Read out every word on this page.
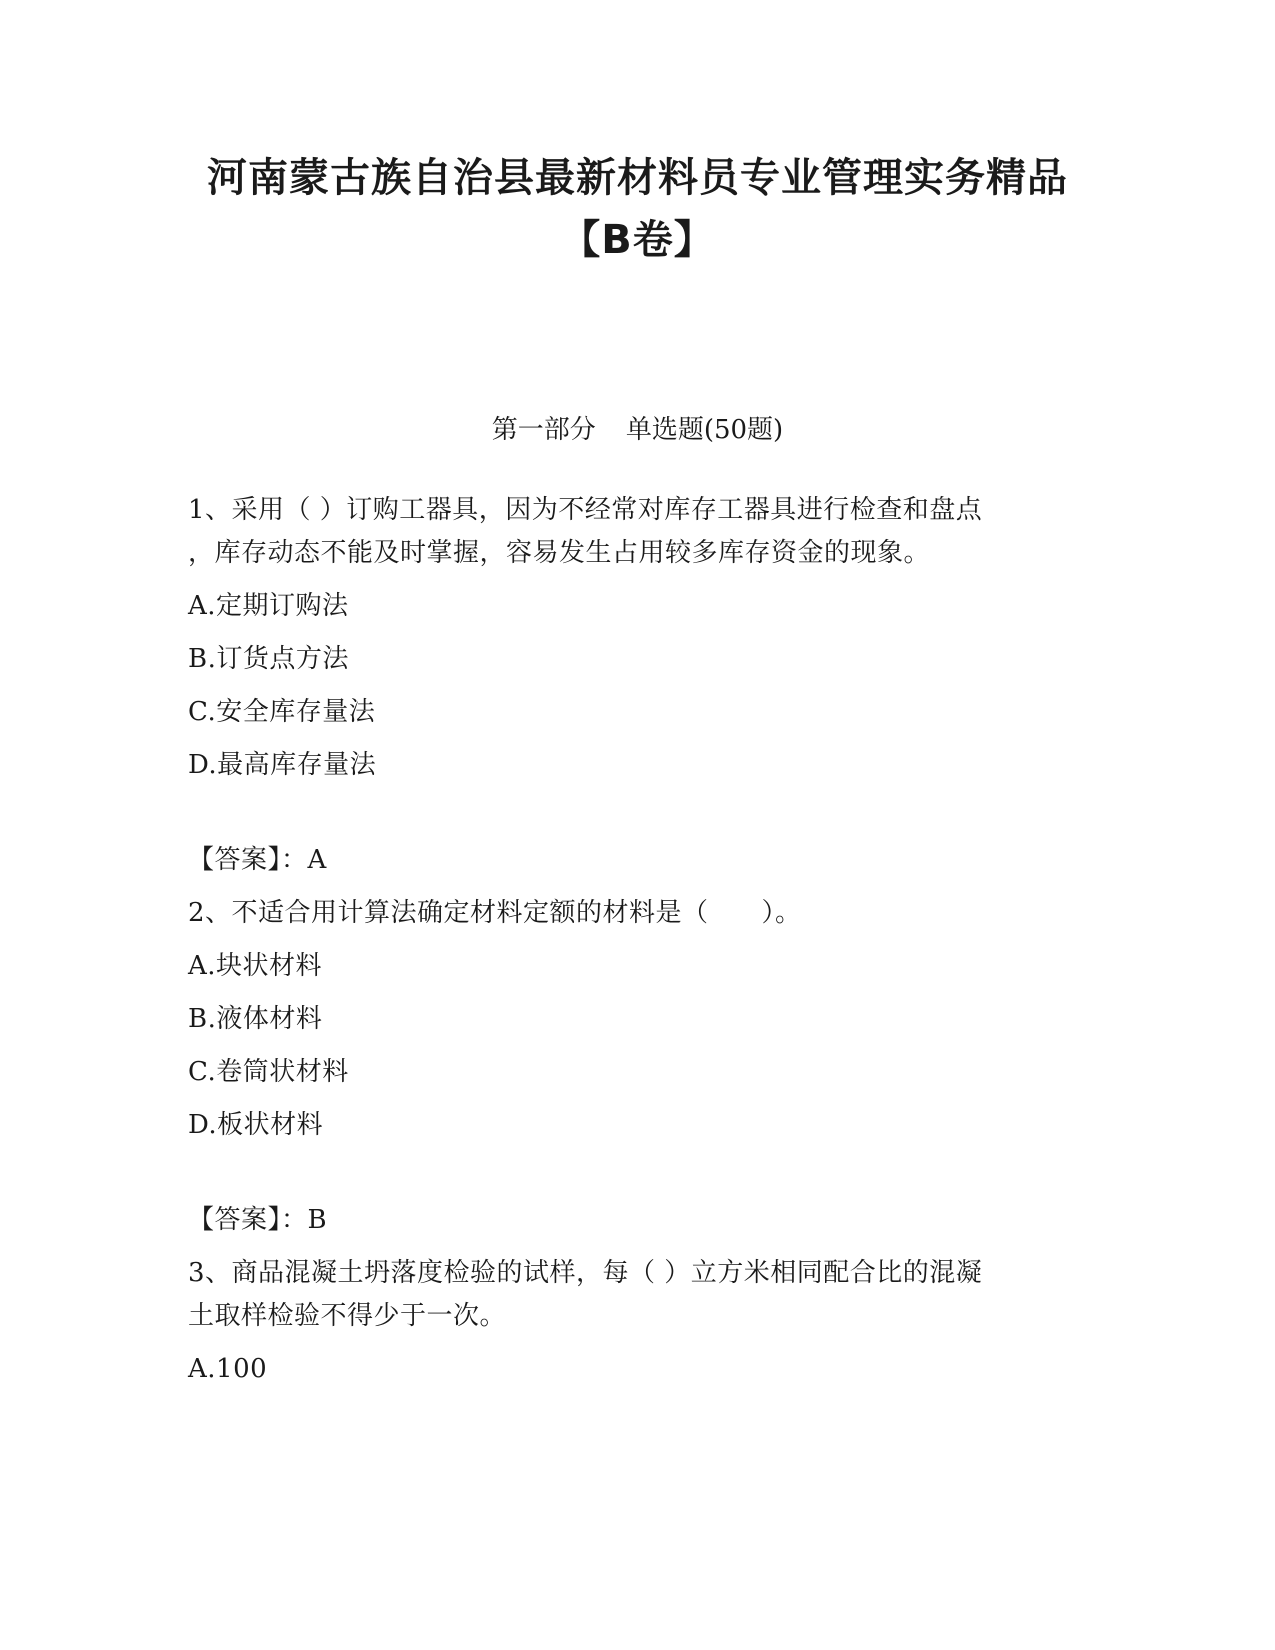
河南蒙古族自治县最新材料员专业管理实务精品
【B卷】
第一部分 单选题(50题)
1、采用（ ）订购工器具，因为不经常对库存工器具进行检查和盘点
，库存动态不能及时掌握，容易发生占用较多库存资金的现象。
A.定期订购法
B.订货点方法
C.安全库存量法
D.最高库存量法
【答案】：A
2、不适合用计算法确定材料定额的材料是（　　）。
A.块状材料
B.液体材料
C.卷筒状材料
D.板状材料
【答案】：B
3、商品混凝土坍落度检验的试样，每（ ）立方米相同配合比的混凝
土取样检验不得少于一次。
A.100
